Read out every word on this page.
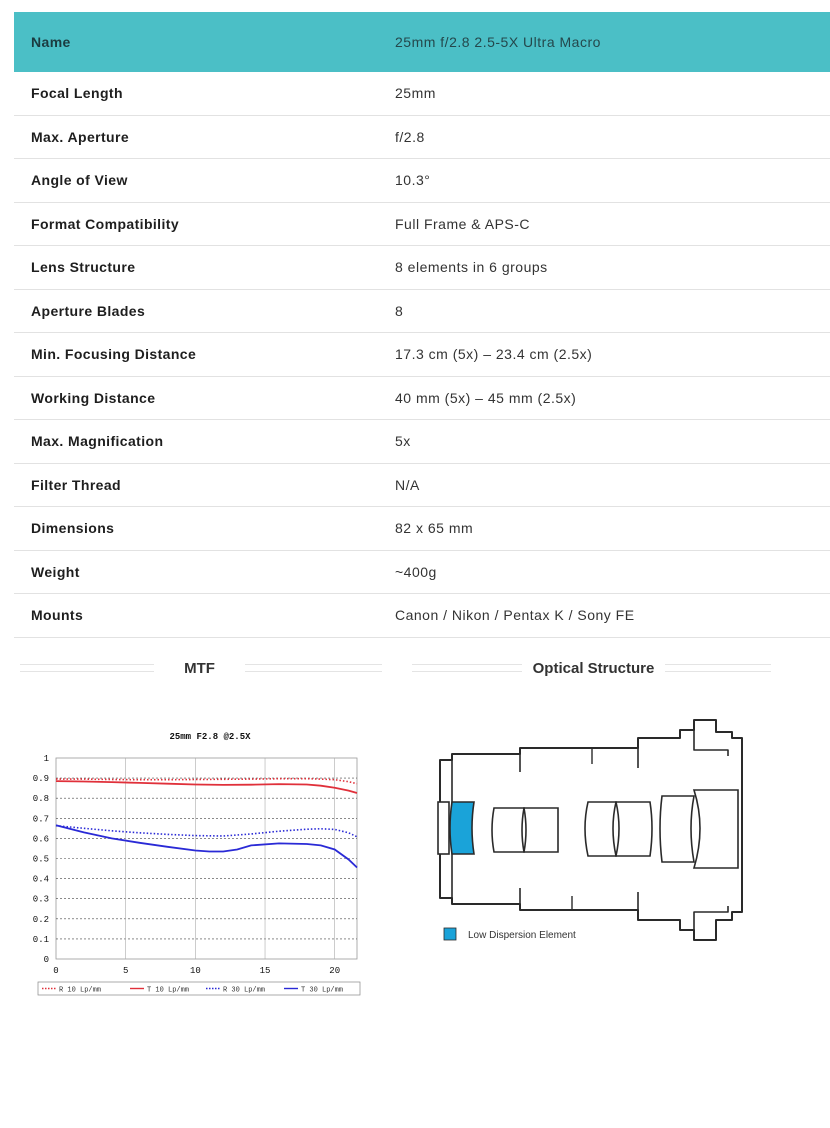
Name	25mm f/2.8 2.5-5X Ultra Macro
Focal Length	25mm
Max. Aperture	f/2.8
Angle of View	10.3°
Format Compatibility	Full Frame & APS-C
Lens Structure	8 elements in 6 groups
Aperture Blades	8
Min. Focusing Distance	17.3 cm (5x) – 23.4 cm (2.5x)
Working Distance	40 mm (5x) – 45 mm (2.5x)
Max. Magnification	5x
Filter Thread	N/A
Dimensions	82 x 65 mm
Weight	~400g
Mounts	Canon / Nikon / Pentax K / Sony FE
MTF	Optical Structure
25mm F2.8 @2.5X
0
0.1
0.2
0.3
0.4
0.5
0.6
0.7
0.8
0.9
1
0	5	10	15	20
R 10 Lp/mm	T 10 Lp/mm	R 30 Lp/mm	T 30 Lp/mm
Low Dispersion Element
